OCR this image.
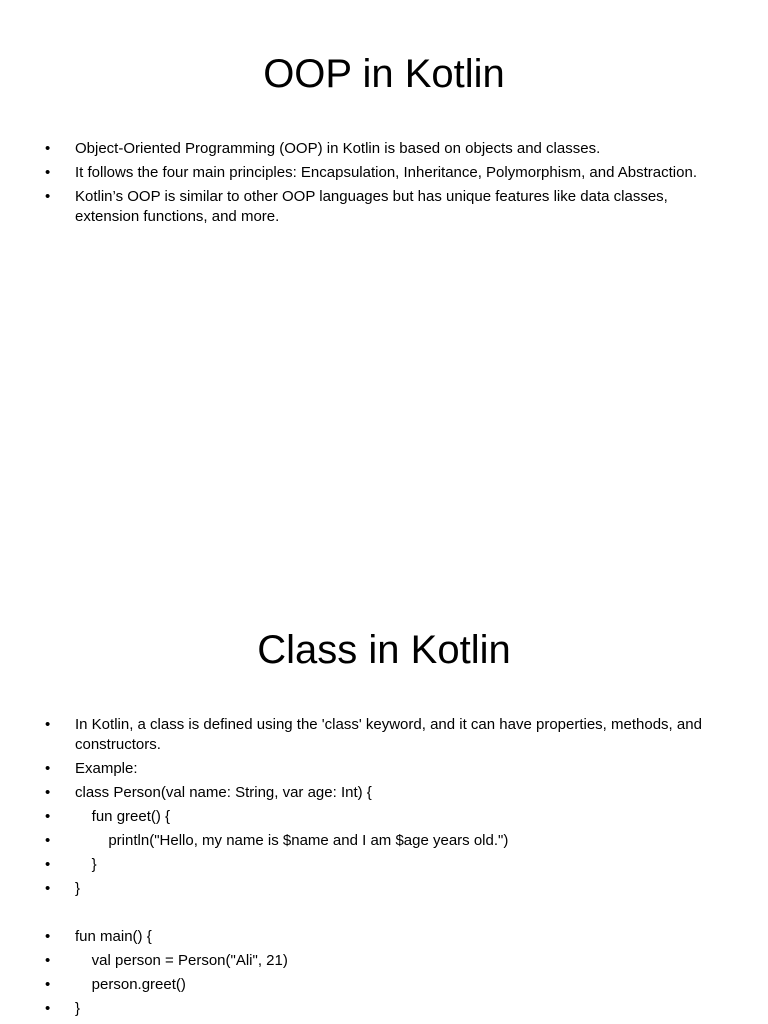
OOP in Kotlin
• Object-Oriented Programming (OOP) in Kotlin is based on objects and classes.
• It follows the four main principles: Encapsulation, Inheritance, Polymorphism, and Abstraction.
• Kotlin’s OOP is similar to other OOP languages but has unique features like data classes, extension functions, and more.
Class in Kotlin
• In Kotlin, a class is defined using the 'class' keyword, and it can have properties, methods, and constructors.
• Example:
• class Person(val name: String, var age: Int) {
•     fun greet() {
•         println("Hello, my name is $name and I am $age years old.")
•     }
• }
• fun main() {
•     val person = Person("Ali", 21)
•     person.greet()
• }
